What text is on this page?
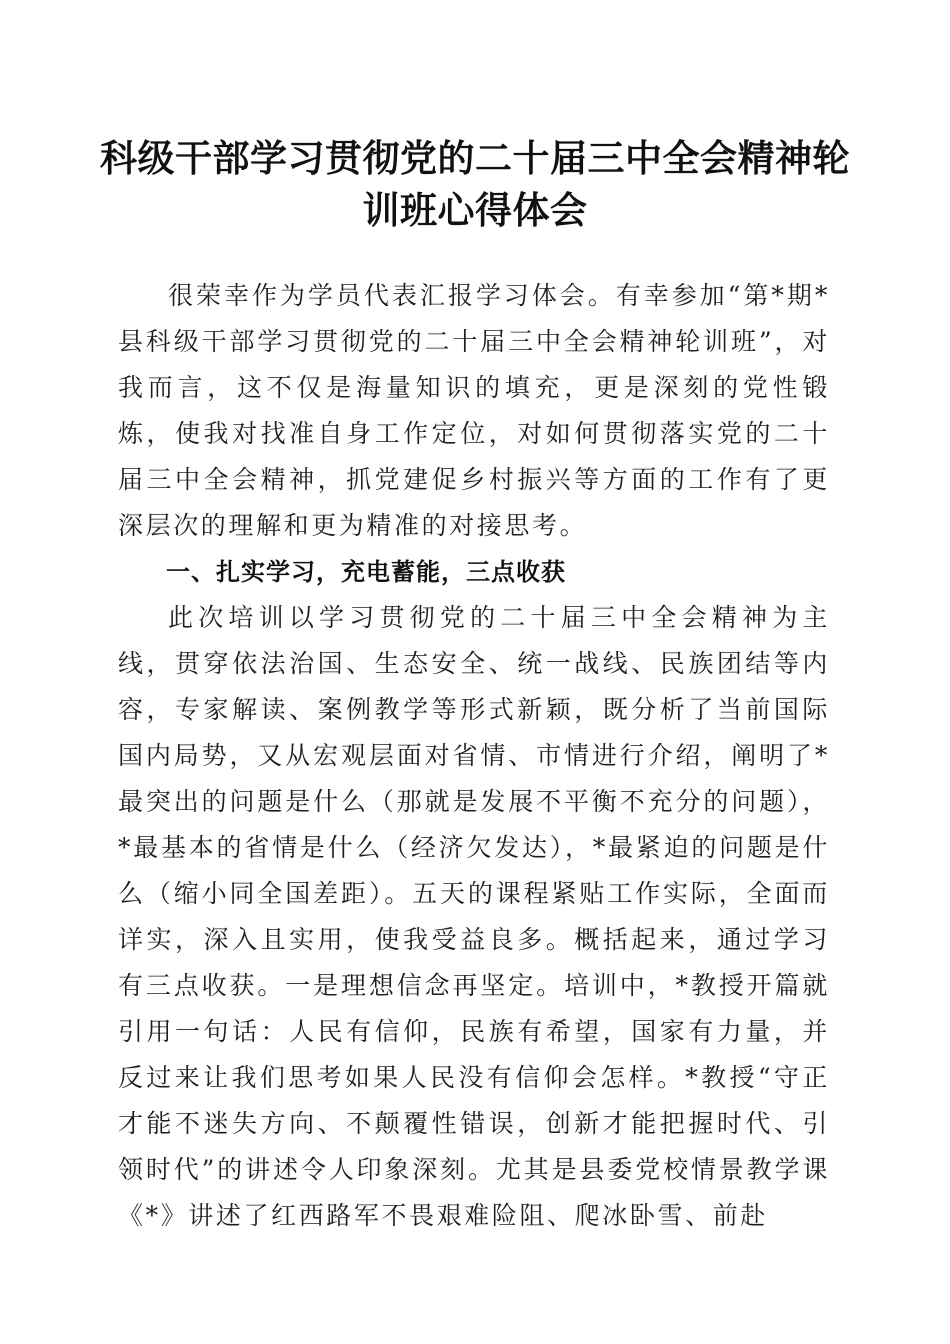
科级干部学习贯彻党的二十届三中全会精神轮
训班心得体会

很荣幸作为学员代表汇报学习体会。有幸参加“第*期*县科级干部学习贯彻党的二十届三中全会精神轮训班”，对我而言，这不仅是海量知识的填充，更是深刻的党性锻炼，使我对找准自身工作定位，对如何贯彻落实党的二十届三中全会精神，抓党建促乡村振兴等方面的工作有了更深层次的理解和更为精准的对接思考。

一、扎实学习，充电蓄能，三点收获

此次培训以学习贯彻党的二十届三中全会精神为主线，贯穿依法治国、生态安全、统一战线、民族团结等内容，专家解读、案例教学等形式新颖，既分析了当前国际国内局势，又从宏观层面对省情、市情进行介绍，阐明了*最突出的问题是什么（那就是发展不平衡不充分的问题），*最基本的省情是什么（经济欠发达），*最紧迫的问题是什么（缩小同全国差距）。五天的课程紧贴工作实际，全面而详实，深入且实用，使我受益良多。概括起来，通过学习有三点收获。一是理想信念再坚定。培训中，*教授开篇就引用一句话：人民有信仰，民族有希望，国家有力量，并反过来让我们思考如果人民没有信仰会怎样。*教授“守正才能不迷失方向、不颠覆性错误，创新才能把握时代、引领时代”的讲述令人印象深刻。尤其是县委党校情景教学课《*》讲述了红西路军不畏艰难险阻、爬冰卧雪、前赴
